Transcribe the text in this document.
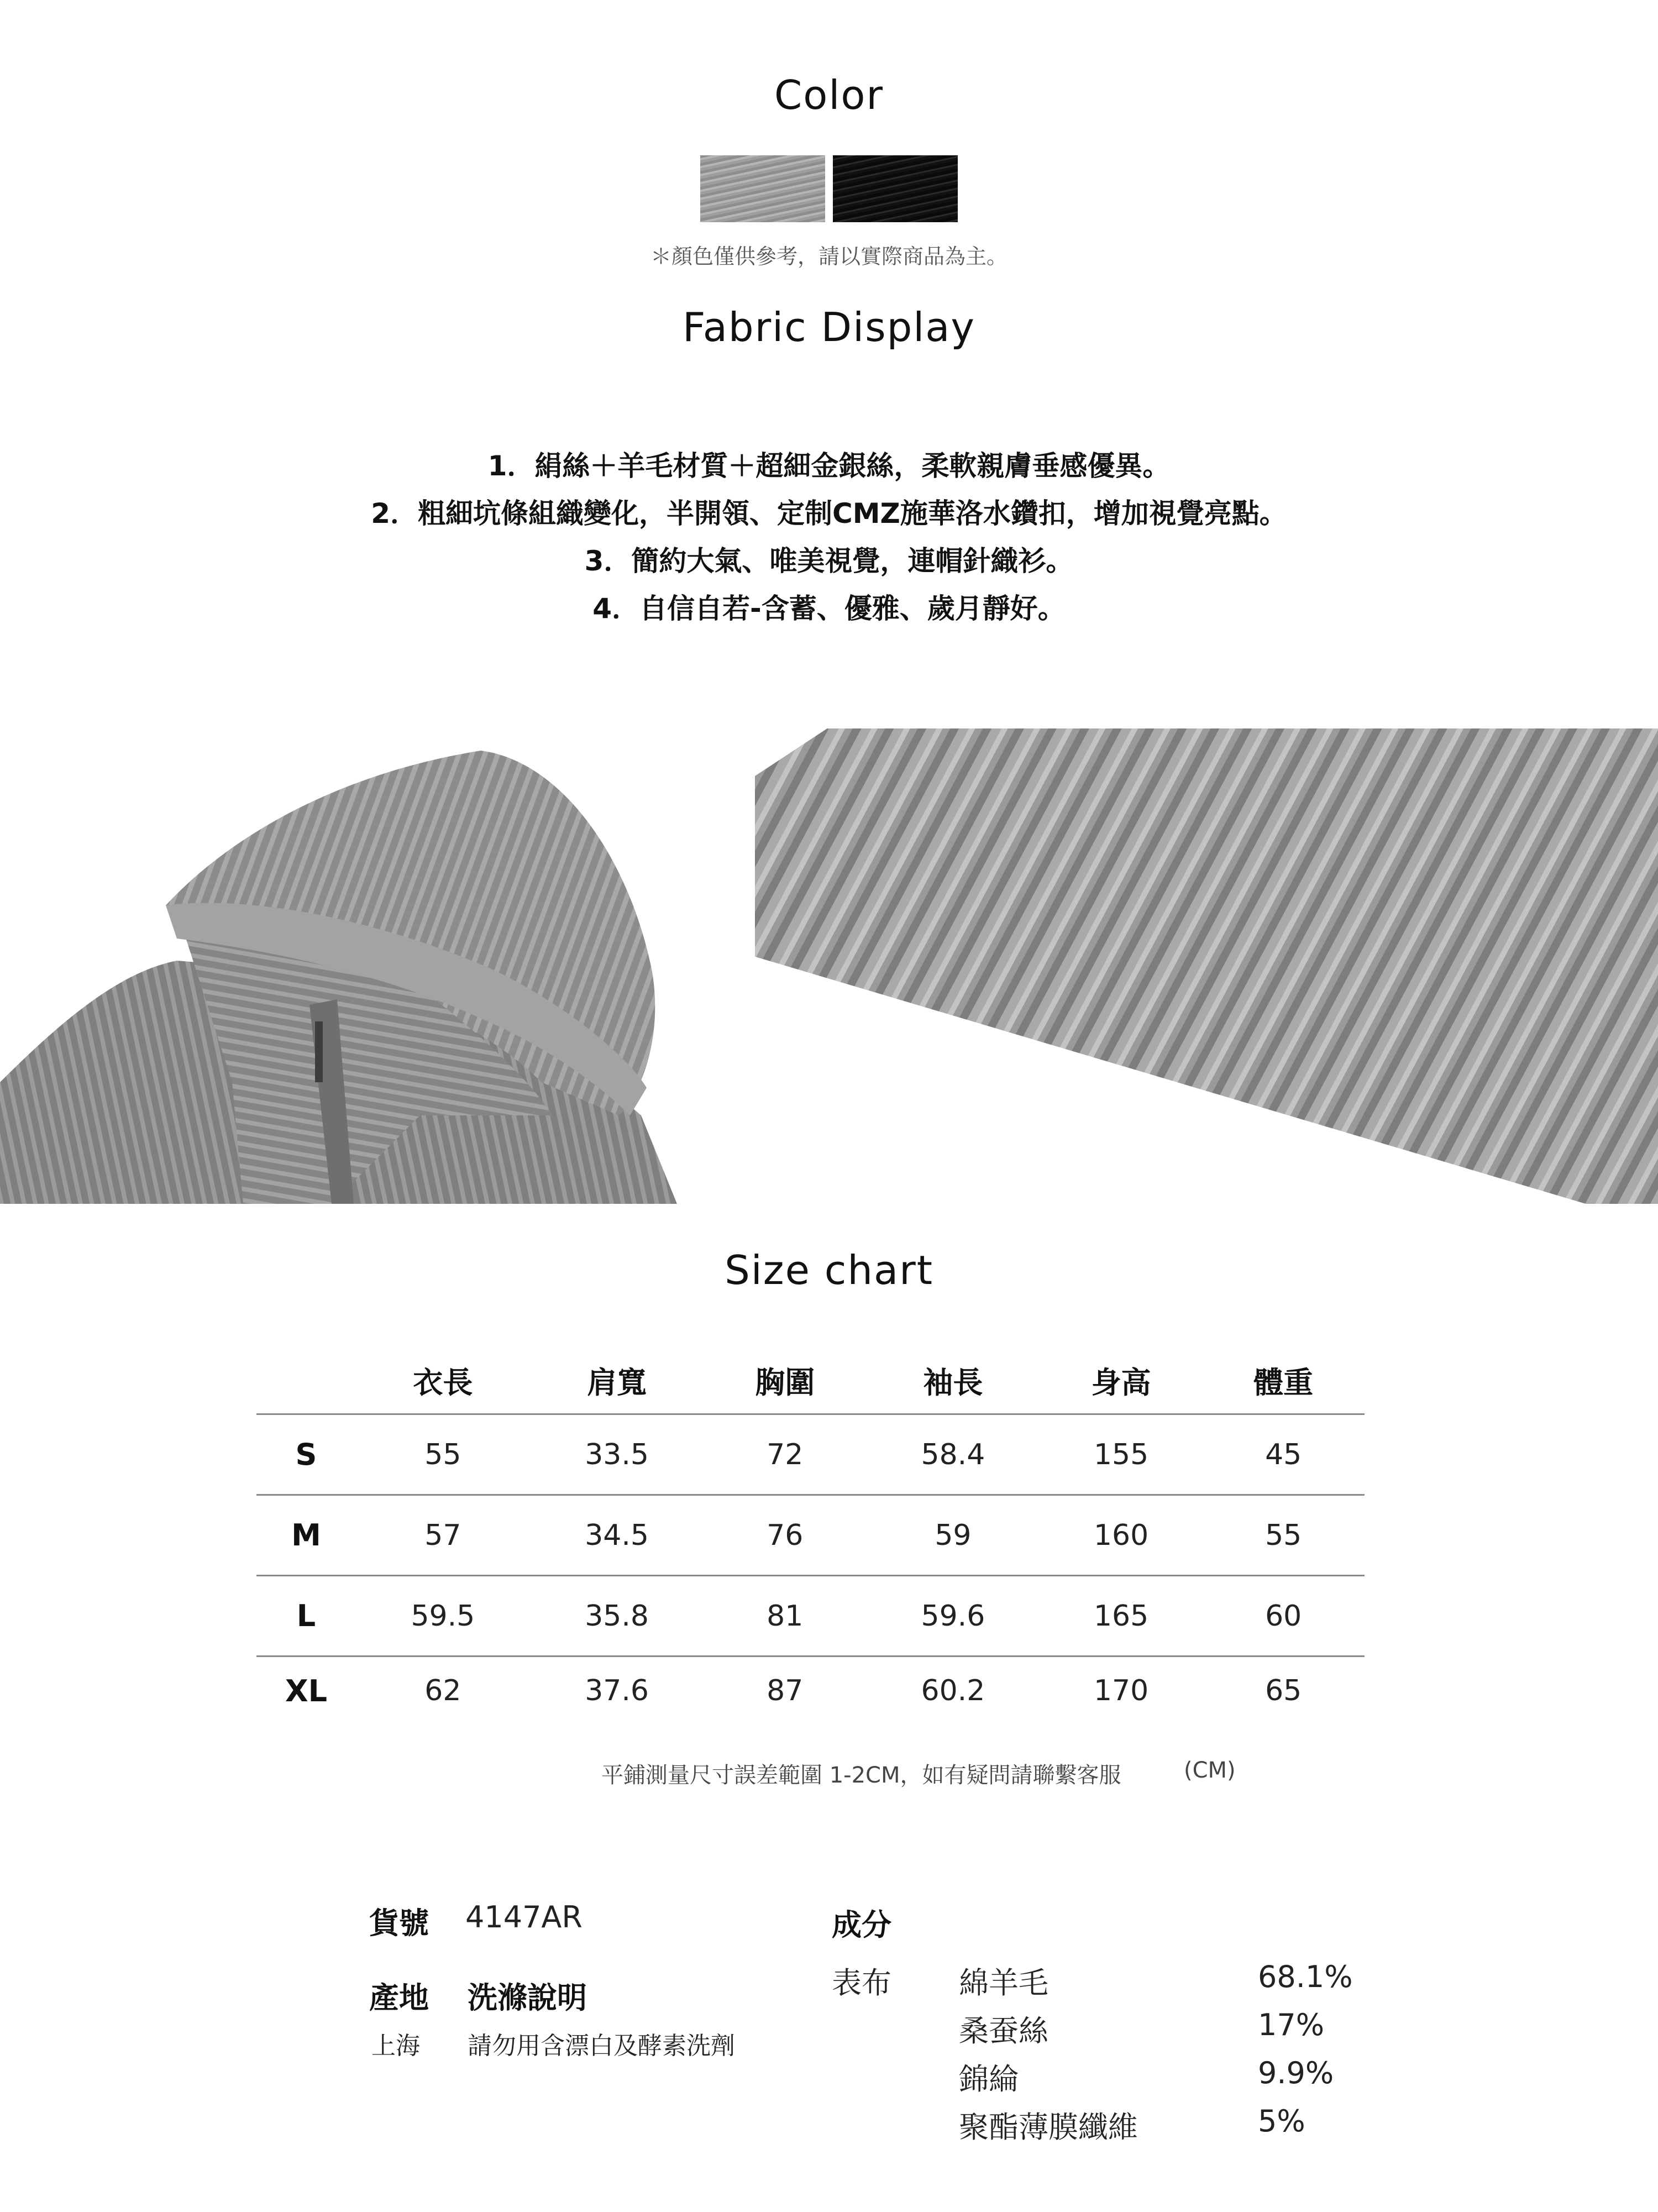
Color
＊顏色僅供參考，請以實際商品為主。
Fabric Display
1．絹絲＋羊毛材質＋超細金銀絲，柔軟親膚垂感優異。
2．粗細坑條組織變化，半開領、定制CMZ施華洛水鑽扣，增加視覺亮點。
3．簡約大氣、唯美視覺，連帽針織衫。
4．自信自若-含蓄、優雅、歲月靜好。
Size chart
	衣長	肩寬	胸圍	袖長	身高	體重
S	55	33.5	72	58.4	155	45
M	57	34.5	76	59	160	55
L	59.5	35.8	81	59.6	165	60
XL	62	37.6	87	60.2	170	65
平鋪測量尺寸誤差範圍 1-2CM，如有疑問請聯繫客服	(CM)
貨號 4147AR
產地 洗滌說明
上海 請勿用含漂白及酵素洗劑
成分
表布 綿羊毛	68.1%
桑蚕絲	17%
錦綸	9.9%
聚酯薄膜纖維	5%
